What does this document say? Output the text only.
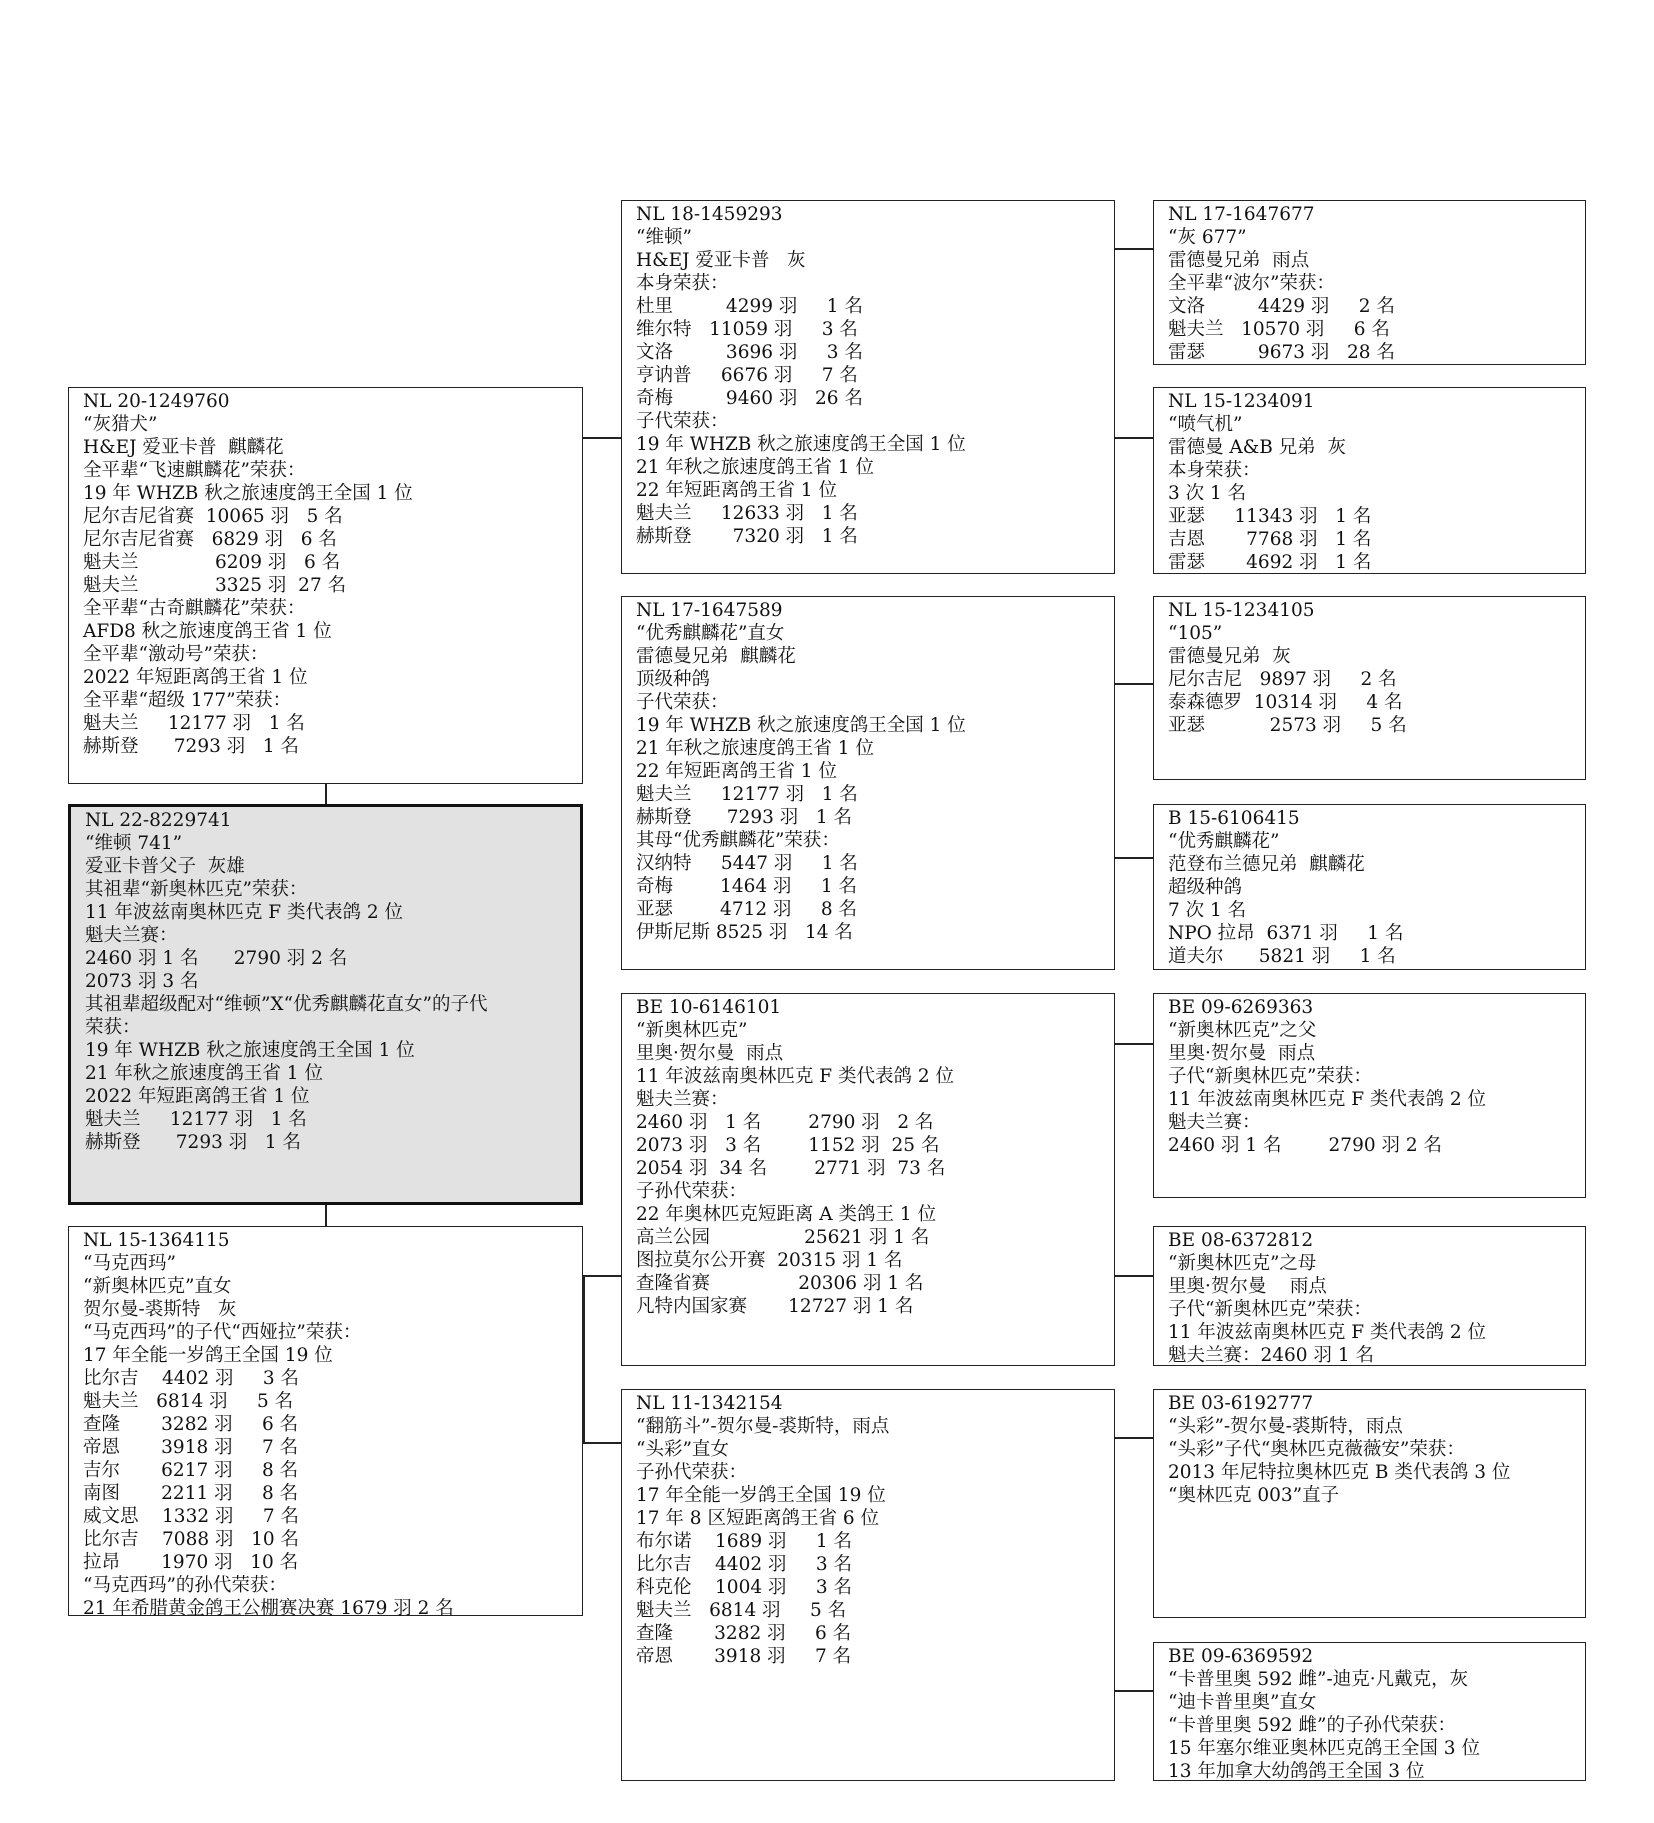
NL 20-1249760
“灰猎犬”
H&EJ 爱亚卡普  麒麟花
全平辈“飞速麒麟花”荣获：
19 年 WHZB 秋之旅速度鸽王全国 1 位
尼尔吉尼省赛  10065 羽   5 名
尼尔吉尼省赛   6829 羽   6 名
魁夫兰             6209 羽   6 名
魁夫兰             3325 羽  27 名
全平辈“古奇麒麟花”荣获：
AFD8 秋之旅速度鸽王省 1 位
全平辈“激动号”荣获：
2022 年短距离鸽王省 1 位
全平辈“超级 177”荣获：
魁夫兰     12177 羽   1 名
赫斯登      7293 羽   1 名
NL 22-8229741
“维顿 741”
爱亚卡普父子  灰雄
其祖辈“新奥林匹克”荣获：
11 年波兹南奥林匹克 F 类代表鸽 2 位
魁夫兰赛：
2460 羽 1 名      2790 羽 2 名
2073 羽 3 名
其祖辈超级配对“维顿”X“优秀麒麟花直女”的子代
荣获：
19 年 WHZB 秋之旅速度鸽王全国 1 位
21 年秋之旅速度鸽王省 1 位
2022 年短距离鸽王省 1 位
魁夫兰     12177 羽   1 名
赫斯登      7293 羽   1 名
NL 15-1364115
“马克西玛”
“新奥林匹克”直女
贺尔曼-裘斯特   灰
“马克西玛”的子代“西娅拉”荣获：
17 年全能一岁鸽王全国 19 位
比尔吉    4402 羽     3 名
魁夫兰   6814 羽     5 名
查隆       3282 羽     6 名
帝恩       3918 羽     7 名
吉尔       6217 羽     8 名
南图       2211 羽     8 名
威文思    1332 羽     7 名
比尔吉    7088 羽   10 名
拉昂       1970 羽   10 名
“马克西玛”的孙代荣获：
21 年希腊黄金鸽王公棚赛决赛 1679 羽 2 名
NL 18-1459293
“维顿”
H&EJ 爱亚卡普   灰
本身荣获：
杜里         4299 羽     1 名
维尔特   11059 羽     3 名
文洛         3696 羽     3 名
亨讷普     6676 羽     7 名
奇梅         9460 羽   26 名
子代荣获：
19 年 WHZB 秋之旅速度鸽王全国 1 位
21 年秋之旅速度鸽王省 1 位
22 年短距离鸽王省 1 位
魁夫兰     12633 羽   1 名
赫斯登       7320 羽   1 名
NL 17-1647589
“优秀麒麟花”直女
雷德曼兄弟  麒麟花
顶级种鸽
子代荣获：
19 年 WHZB 秋之旅速度鸽王全国 1 位
21 年秋之旅速度鸽王省 1 位
22 年短距离鸽王省 1 位
魁夫兰     12177 羽   1 名
赫斯登      7293 羽   1 名
其母“优秀麒麟花”荣获：
汉纳特     5447 羽     1 名
奇梅        1464 羽     1 名
亚瑟        4712 羽     8 名
伊斯尼斯 8525 羽   14 名
BE 10-6146101
“新奥林匹克”
里奥·贺尔曼  雨点
11 年波兹南奥林匹克 F 类代表鸽 2 位
魁夫兰赛：
2460 羽   1 名        2790 羽   2 名
2073 羽   3 名        1152 羽  25 名
2054 羽  34 名        2771 羽  73 名
子孙代荣获：
22 年奥林匹克短距离 A 类鸽王 1 位
高兰公园                25621 羽 1 名
图拉莫尔公开赛  20315 羽 1 名
查隆省赛               20306 羽 1 名
凡特内国家赛       12727 羽 1 名
NL 11-1342154
“翻筋斗”-贺尔曼-裘斯特，雨点
“头彩”直女
子孙代荣获：
17 年全能一岁鸽王全国 19 位
17 年 8 区短距离鸽王省 6 位
布尔诺    1689 羽     1 名
比尔吉    4402 羽     3 名
科克伦    1004 羽     3 名
魁夫兰   6814 羽     5 名
查隆       3282 羽     6 名
帝恩       3918 羽     7 名
NL 17-1647677
“灰 677”
雷德曼兄弟  雨点
全平辈“波尔”荣获：
文洛         4429 羽     2 名
魁夫兰   10570 羽     6 名
雷瑟         9673 羽   28 名
NL 15-1234091
“喷气机”
雷德曼 A&B 兄弟  灰
本身荣获：
3 次 1 名
亚瑟     11343 羽   1 名
吉恩       7768 羽   1 名
雷瑟       4692 羽   1 名
NL 15-1234105
“105”
雷德曼兄弟  灰
尼尔吉尼   9897 羽     2 名
泰森德罗  10314 羽     4 名
亚瑟           2573 羽     5 名
B 15-6106415
“优秀麒麟花”
范登布兰德兄弟  麒麟花
超级种鸽
7 次 1 名
NPO 拉昂  6371 羽     1 名
道夫尔      5821 羽     1 名
BE 09-6269363
“新奥林匹克”之父
里奥·贺尔曼  雨点
子代“新奥林匹克”荣获：
11 年波兹南奥林匹克 F 类代表鸽 2 位
魁夫兰赛：
2460 羽 1 名        2790 羽 2 名
BE 08-6372812
“新奥林匹克”之母
里奥·贺尔曼    雨点
子代“新奥林匹克”荣获：
11 年波兹南奥林匹克 F 类代表鸽 2 位
魁夫兰赛：2460 羽 1 名
BE 03-6192777
“头彩”-贺尔曼-裘斯特，雨点
“头彩”子代“奥林匹克薇薇安”荣获：
2013 年尼特拉奥林匹克 B 类代表鸽 3 位
“奥林匹克 003”直子
BE 09-6369592
“卡普里奥 592 雌”-迪克·凡戴克，灰
“迪卡普里奥”直女
“卡普里奥 592 雌”的子孙代荣获：
15 年塞尔维亚奥林匹克鸽王全国 3 位
13 年加拿大幼鸽鸽王全国 3 位
